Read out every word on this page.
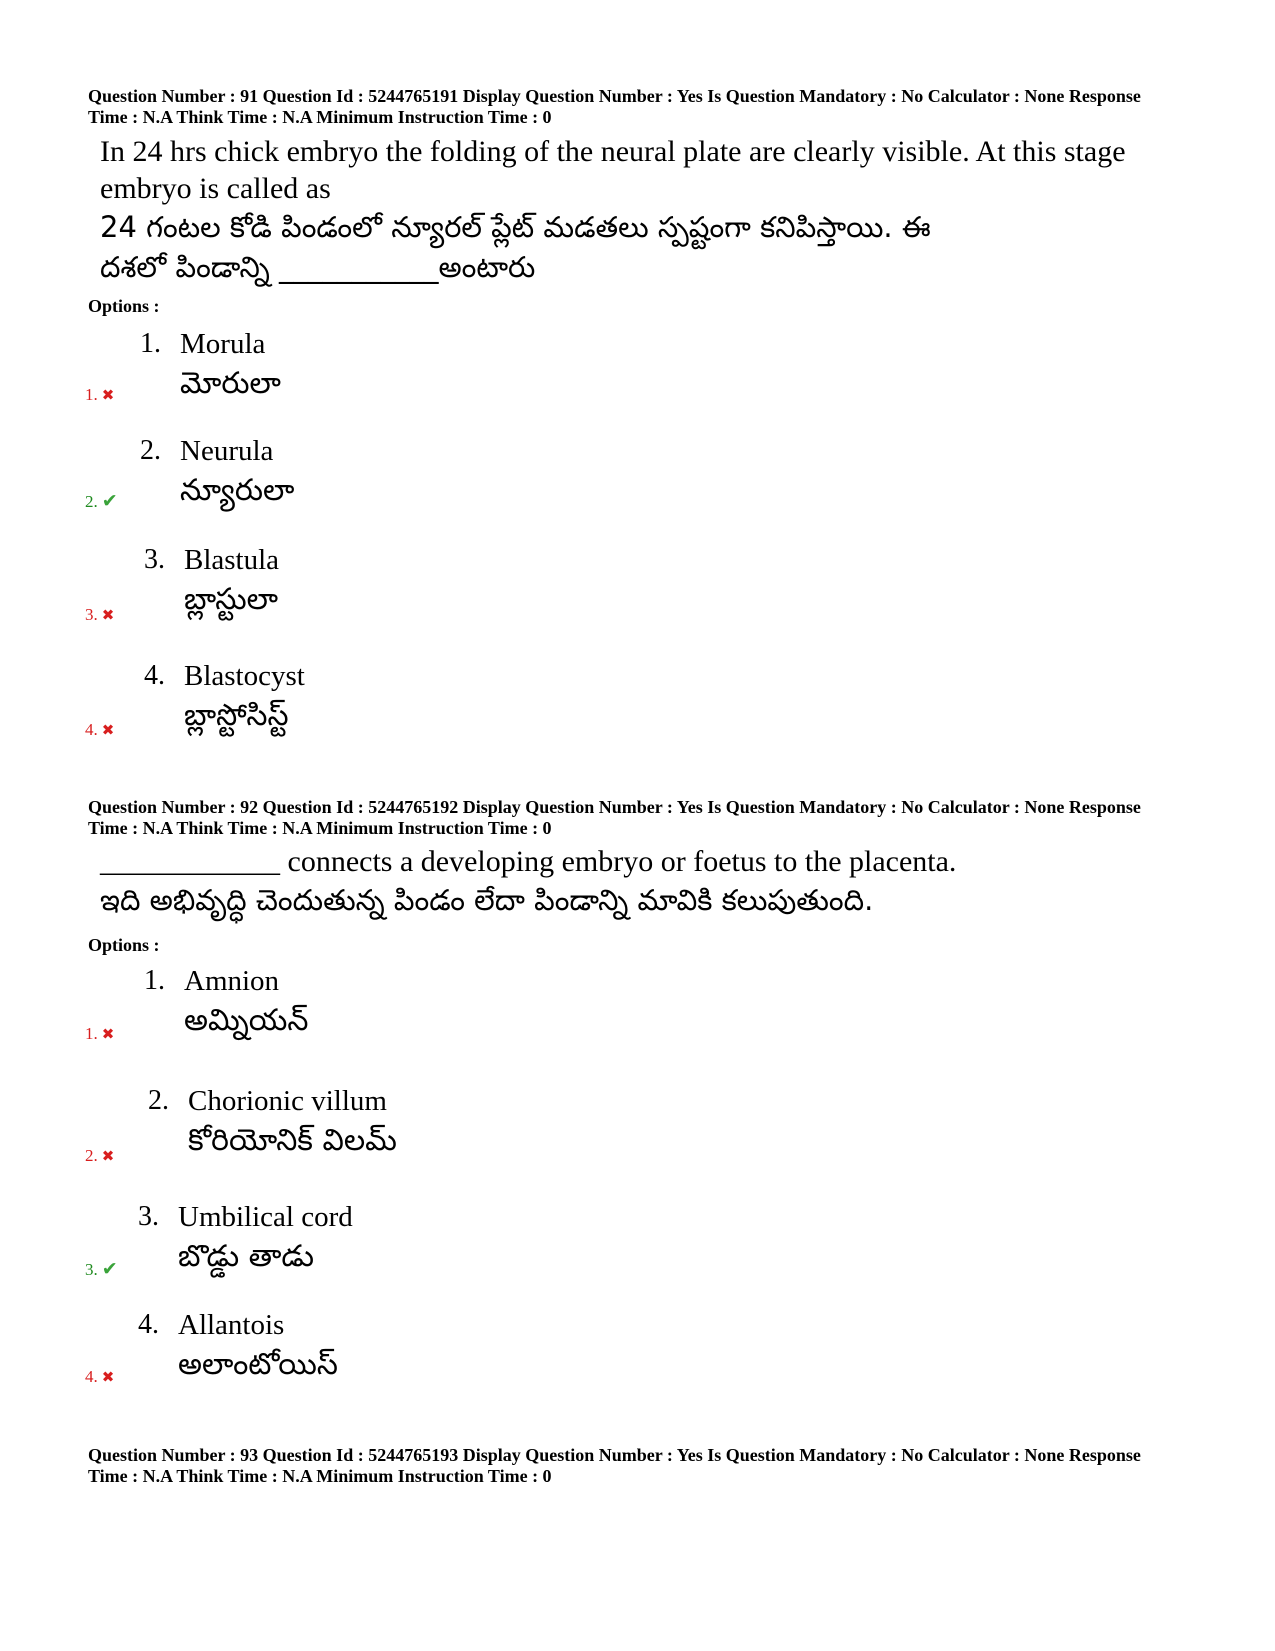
Question Number : 91 Question Id : 5244765191 Display Question Number : Yes Is Question Mandatory : No Calculator : None Response
Time : N.A Think Time : N.A Minimum Instruction Time : 0

In 24 hrs chick embryo the folding of the neural plate are clearly visible. At this stage
embryo is called as
24 గంటల కోడి పిండంలో న్యూరల్ ప్లేట్ మడతలు స్పష్టంగా కనిపిస్తాయి. ఈ
దశలో పిండాన్ని ___________అంటారు
Options :
1. Morula
మోరులా
1. ✖
2. Neurula
న్యూరులా
2. ✔
3. Blastula
బ్లాస్టులా
3. ✖
4. Blastocyst
బ్లాస్టోసిస్ట్
4. ✖

Question Number : 92 Question Id : 5244765192 Display Question Number : Yes Is Question Mandatory : No Calculator : None Response
Time : N.A Think Time : N.A Minimum Instruction Time : 0

____________ connects a developing embryo or foetus to the placenta.
ఇది అభివృద్ధి చెందుతున్న పిండం లేదా పిండాన్ని మావికి కలుపుతుంది.
Options :
1. Amnion
అమ్నియన్
1. ✖
2. Chorionic villum
కోరియోనిక్ విలమ్
2. ✖
3. Umbilical cord
బొడ్డు తాడు
3. ✔
4. Allantois
అలాంటోయిస్
4. ✖

Question Number : 93 Question Id : 5244765193 Display Question Number : Yes Is Question Mandatory : No Calculator : None Response
Time : N.A Think Time : N.A Minimum Instruction Time : 0
